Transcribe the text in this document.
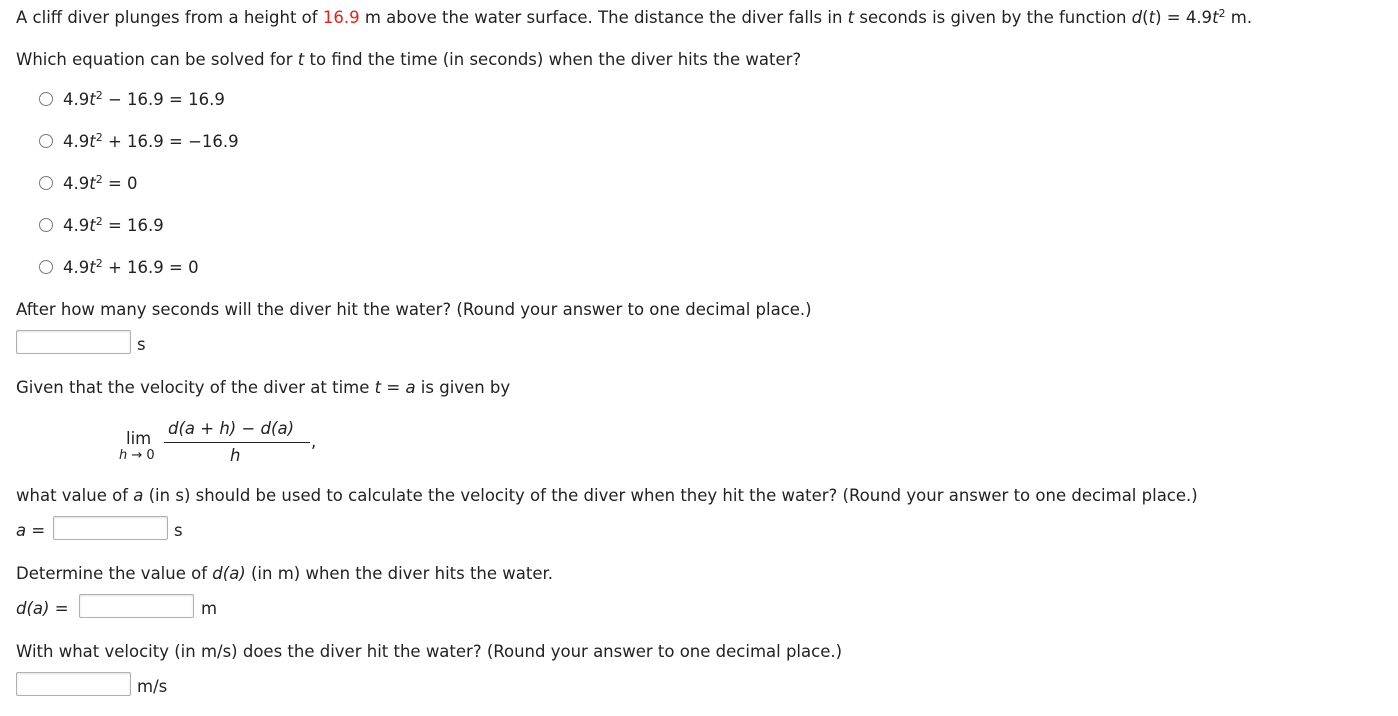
A cliff diver plunges from a height of 16.9 m above the water surface. The distance the diver falls in t seconds is given by the function $d(t) = 4.9t^2$ m.
Which equation can be solved for t to find the time (in seconds) when the diver hits the water?
$4.9t^2 - 16.9 = 16.9$
$4.9t^2 + 16.9 = -16.9$
$4.9t^2 = 0$
$4.9t^2 = 16.9$
$4.9t^2 + 16.9 = 0$
After how many seconds will the diver hit the water? (Round your answer to one decimal place.)
s
Given that the velocity of the diver at time t = a is given by
lim
h → 0
d(a + h) − d(a)
h
,
what value of a (in s) should be used to calculate the velocity of the diver when they hit the water? (Round your answer to one decimal place.)
a =	s
Determine the value of d(a) (in m) when the diver hits the water.
d(a) =	m
With what velocity (in m/s) does the diver hit the water? (Round your answer to one decimal place.)
m/s
